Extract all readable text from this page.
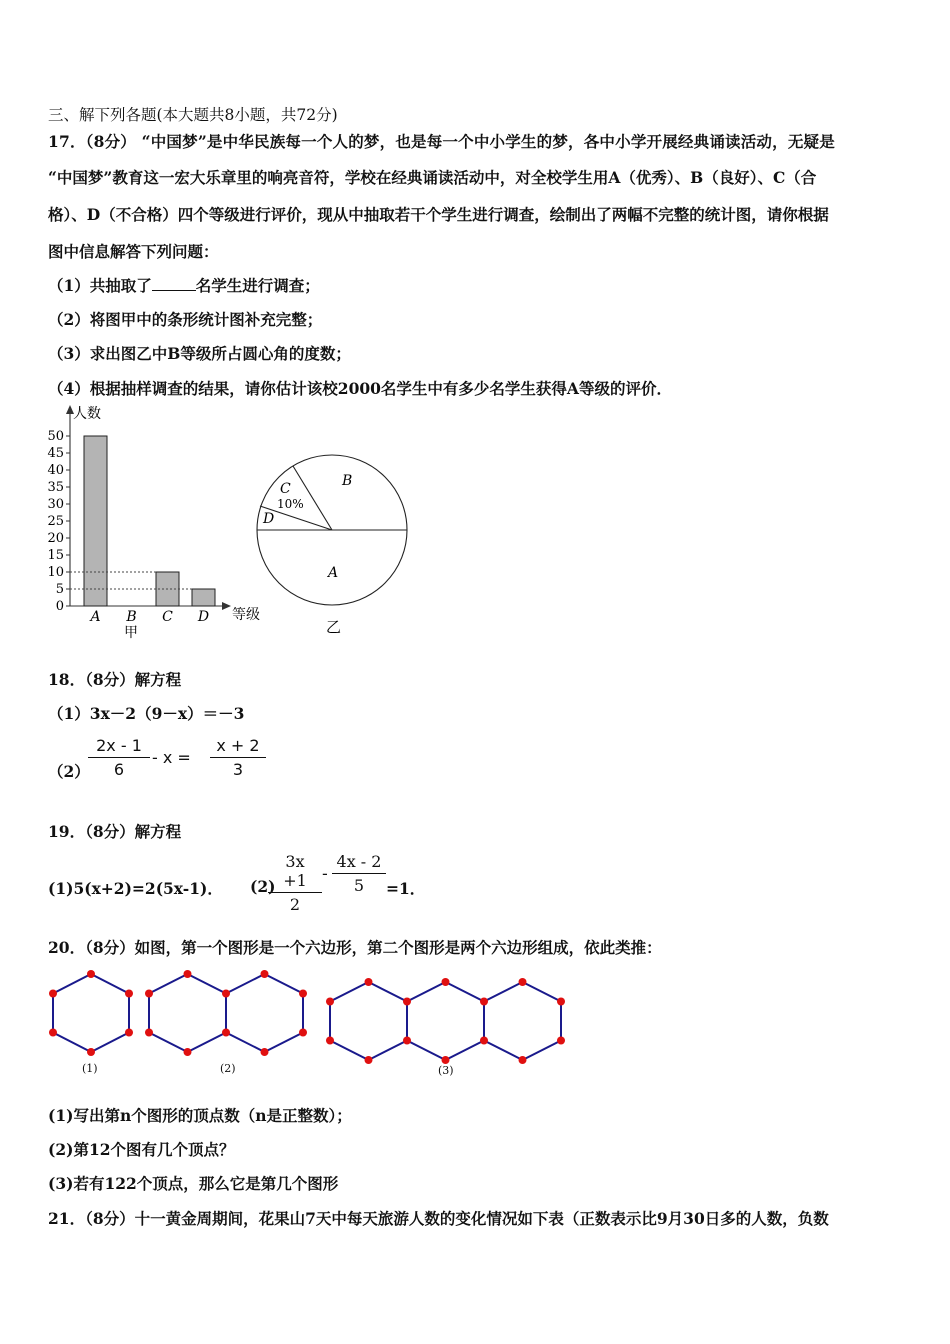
三、解下列各题(本大题共8小题，共72分)
17．（8分） “中国梦”是中华民族每一个人的梦，也是每一个中小学生的梦，各中小学开展经典诵读活动，无疑是
“中国梦”教育这一宏大乐章里的响亮音符，学校在经典诵读活动中，对全校学生用A（优秀）、B（良好）、C（合
格）、D（不合格）四个等级进行评价，现从中抽取若干个学生进行调查，绘制出了两幅不完整的统计图，请你根据
图中信息解答下列问题：
（1）共抽取了	名学生进行调查；
（2）将图甲中的条形统计图补充完整；
（3）求出图乙中B等级所占圆心角的度数；
（4）根据抽样调查的结果，请你估计该校2000名学生中有多少名学生获得A等级的评价．
0
5
10
15
20
25
30
35
40
45
50
A B C D
人数
等级
甲
B
C
10%
D
A
乙
18．（8分）解方程
（1）3x－2（9－x）＝－3
（2）
$\frac{2x - 1}{6} - x = \frac{x + 2}{3}$
19．（8分）解方程
(1)5(x+2)=2(5x-1)． (2)
$\frac{3x +1}{2} - \frac{4x - 2}{5} =1$．
20．（8分）如图，第一个图形是一个六边形，第二个图形是两个六边形组成，依此类推：
(1)	(2)	(3)
(1)写出第n个图形的顶点数（n是正整数）；
(2)第12个图有几个顶点？
(3)若有122个顶点，那么它是第几个图形
21．（8分）十一黄金周期间，花果山7天中每天旅游人数的变化情况如下表（正数表示比9月30日多的人数，负数
